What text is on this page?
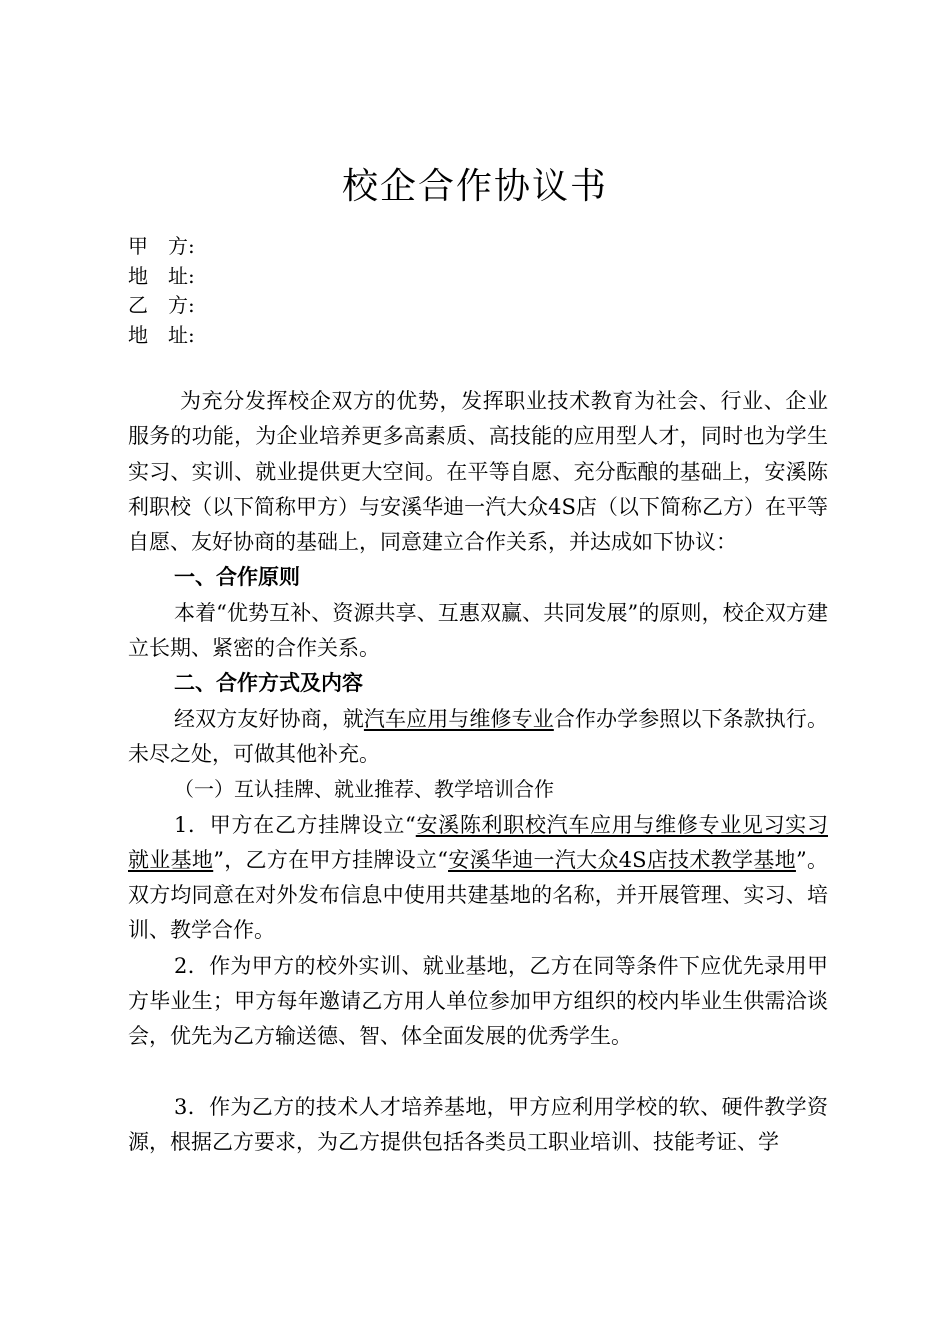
校企合作协议书
甲　方:
地　址:
乙　方:
地　址:

为充分发挥校企双方的优势，发挥职业技术教育为社会、行业、企业服务的功能，为企业培养更多高素质、高技能的应用型人才，同时也为学生实习、实训、就业提供更大空间。在平等自愿、充分酝酿的基础上，安溪陈利职校（以下简称甲方）与安溪华迪一汽大众4S店（以下简称乙方）在平等自愿、友好协商的基础上，同意建立合作关系，并达成如下协议：

一、合作原则

本着“优势互补、资源共享、互惠双赢、共同发展”的原则，校企双方建立长期、紧密的合作关系。

二、合作方式及内容

经双方友好协商，就汽车应用与维修专业合作办学参照以下条款执行。未尽之处，可做其他补充。

（一）互认挂牌、就业推荐、教学培训合作

1．甲方在乙方挂牌设立“安溪陈利职校汽车应用与维修专业见习实习就业基地”，乙方在甲方挂牌设立“安溪华迪一汽大众4S店技术教学基地”。双方均同意在对外发布信息中使用共建基地的名称，并开展管理、实习、培训、教学合作。

2．作为甲方的校外实训、就业基地，乙方在同等条件下应优先录用甲方毕业生；甲方每年邀请乙方用人单位参加甲方组织的校内毕业生供需洽谈会，优先为乙方输送德、智、体全面发展的优秀学生。

3．作为乙方的技术人才培养基地，甲方应利用学校的软、硬件教学资源，根据乙方要求，为乙方提供包括各类员工职业培训、技能考证、学
